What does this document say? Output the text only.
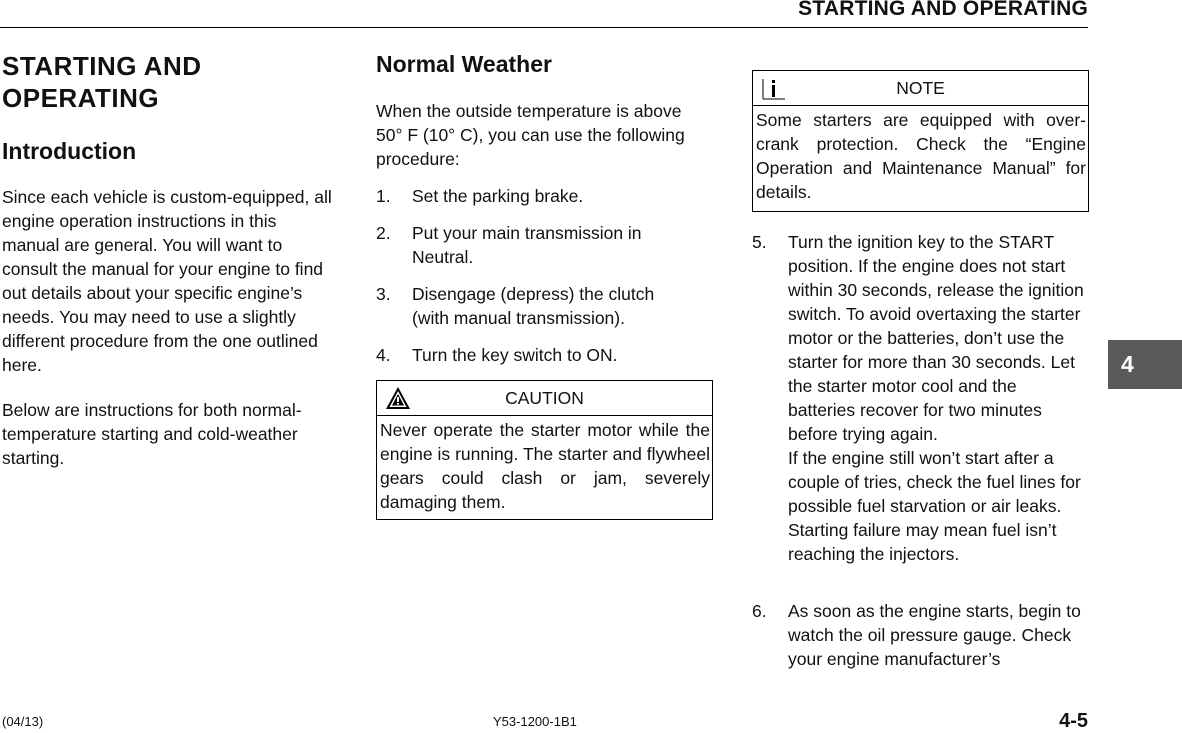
STARTING AND OPERATING
STARTING AND OPERATING
Introduction

Since each vehicle is custom-equipped, all engine operation instructions in this manual are general. You will want to consult the manual for your engine to find out details about your specific engine’s needs. You may need to use a slightly different procedure from the one outlined here.

Below are instructions for both normal-temperature starting and cold-weather starting.

Normal Weather

When the outside temperature is above 50° F (10° C), you can use the following procedure:

1. Set the parking brake.
2. Put your main transmission in Neutral.
3. Disengage (depress) the clutch (with manual transmission).
4. Turn the key switch to ON.
CAUTION
Never operate the starter motor while the engine is running. The starter and flywheel gears could clash or jam, severely damaging them.
NOTE
Some starters are equipped with over-crank protection. Check the “Engine Operation and Maintenance Manual” for details.
5. Turn the ignition key to the START position. If the engine does not start within 30 seconds, release the ignition switch. To avoid overtaxing the starter motor or the batteries, don’t use the starter for more than 30 seconds. Let the starter motor cool and the batteries recover for two minutes before trying again.
If the engine still won’t start after a couple of tries, check the fuel lines for possible fuel starvation or air leaks. Starting failure may mean fuel isn’t reaching the injectors.
6. As soon as the engine starts, begin to watch the oil pressure gauge. Check your engine manufacturer’s
4
(04/13)	Y53-1200-1B1	4-5
